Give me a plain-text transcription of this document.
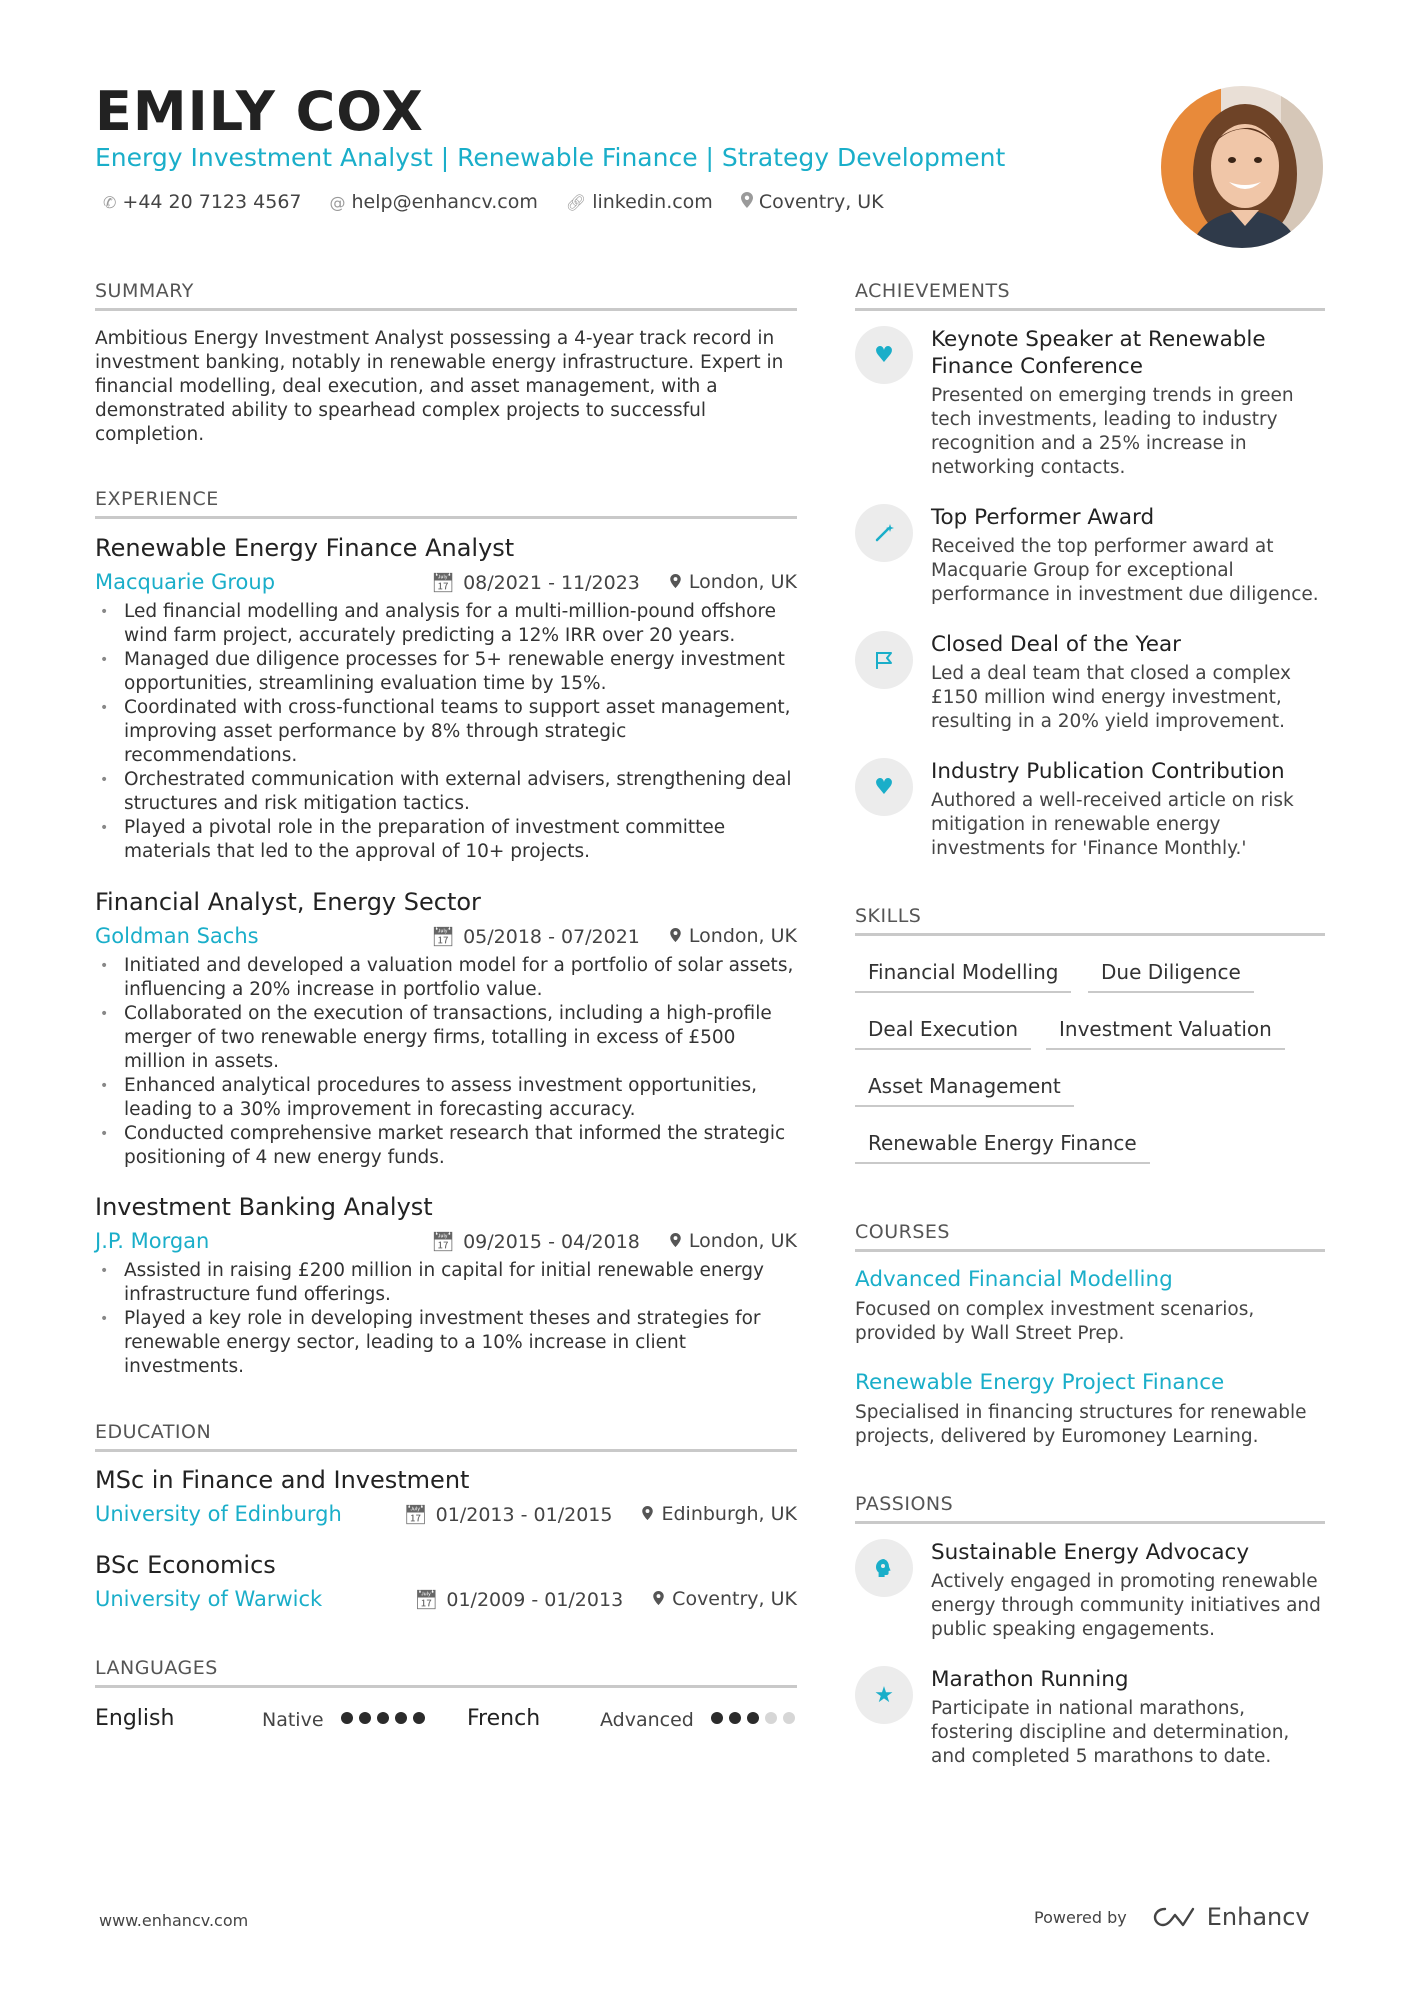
EMILY COX
Energy Investment Analyst | Renewable Finance | Strategy Development
✆ +44 20 7123 4567 @ help@enhancv.com 🔗︎ linkedin.com Coventry, UK
SUMMARY
Ambitious Energy Investment Analyst possessing a 4-year track record in investment banking, notably in renewable energy infrastructure. Expert in financial modelling, deal execution, and asset management, with a demonstrated ability to spearhead complex projects to successful completion.
EXPERIENCE
Renewable Energy Finance Analyst
Macquarie Group	📅︎ 08/2021 - 11/2023	London, UK
• Led financial modelling and analysis for a multi-million-pound offshore wind farm project, accurately predicting a 12% IRR over 20 years.
• Managed due diligence processes for 5+ renewable energy investment opportunities, streamlining evaluation time by 15%.
• Coordinated with cross-functional teams to support asset management, improving asset performance by 8% through strategic recommendations.
• Orchestrated communication with external advisers, strengthening deal structures and risk mitigation tactics.
• Played a pivotal role in the preparation of investment committee materials that led to the approval of 10+ projects.
Financial Analyst, Energy Sector
Goldman Sachs	📅︎ 05/2018 - 07/2021	London, UK
• Initiated and developed a valuation model for a portfolio of solar assets, influencing a 20% increase in portfolio value.
• Collaborated on the execution of transactions, including a high-profile merger of two renewable energy firms, totalling in excess of £500 million in assets.
• Enhanced analytical procedures to assess investment opportunities, leading to a 30% improvement in forecasting accuracy.
• Conducted comprehensive market research that informed the strategic positioning of 4 new energy funds.
Investment Banking Analyst
J.P. Morgan	📅︎ 09/2015 - 04/2018	London, UK
• Assisted in raising £200 million in capital for initial renewable energy infrastructure fund offerings.
• Played a key role in developing investment theses and strategies for renewable energy sector, leading to a 10% increase in client investments.
EDUCATION
MSc in Finance and Investment
University of Edinburgh	📅︎ 01/2013 - 01/2015	Edinburgh, UK
BSc Economics
University of Warwick	📅︎ 01/2009 - 01/2013	Coventry, UK
LANGUAGES
English	Native	French	Advanced
ACHIEVEMENTS
♥
Keynote Speaker at Renewable Finance Conference
Presented on emerging trends in green tech investments, leading to industry recognition and a 25% increase in networking contacts.
Top Performer Award
Received the top performer award at Macquarie Group for exceptional performance in investment due diligence.
Closed Deal of the Year
Led a deal team that closed a complex £150 million wind energy investment, resulting in a 20% yield improvement.
♥
Industry Publication Contribution
Authored a well-received article on risk mitigation in renewable energy investments for 'Finance Monthly.'
SKILLS
Financial Modelling	Due Diligence
Deal Execution	Investment Valuation
Asset Management
Renewable Energy Finance
COURSES
Advanced Financial Modelling
Focused on complex investment scenarios, provided by Wall Street Prep.
Renewable Energy Project Finance
Specialised in financing structures for renewable projects, delivered by Euromoney Learning.
PASSIONS
Sustainable Energy Advocacy
Actively engaged in promoting renewable energy through community initiatives and public speaking engagements.
★
Marathon Running
Participate in national marathons, fostering discipline and determination, and completed 5 marathons to date.
www.enhancv.com	Powered by	Enhancv
